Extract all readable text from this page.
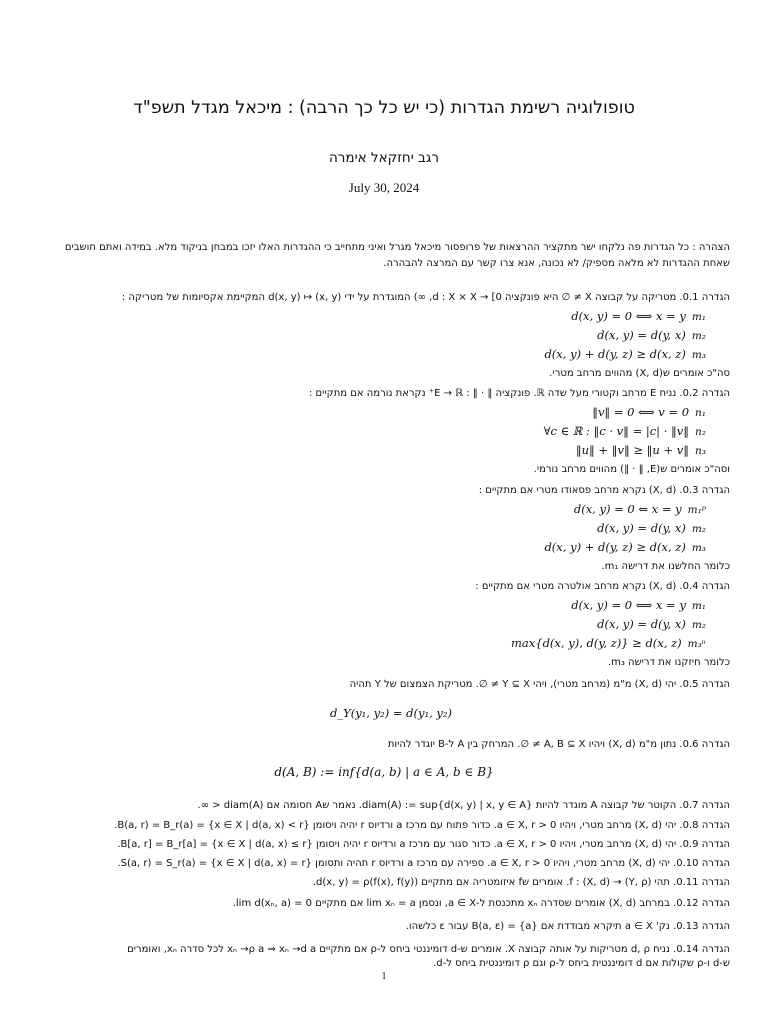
טופולוגיה רשימת הגדרות (כי יש כל כך הרבה) : מיכאל מגדל תשפ"ד
רגב יחזקאל אימרה
July 30, 2024
הצהרה : כל הגדרות פה נלקחו ישר מתקציר ההרצאות של פרופסור מיכאל מגרל ואיני מתחייב כי ההגדרות האלו יזכו במבחן בניקוד מלא. במידה ואתם חושבים שאחת ההגדרות לא מלאה מספיק/ לא נכונה, אנא צרו קשר עם המרצה להבהרה.
הגדרה 0.1. מטריקה על קבוצה X ≠ ∅ היא פונקציה d : X × X → [0, ∞) המוגדרת על ידי (x, y) ↦ d(x, y) המקיימת אקסיומות של מטריקה :
d(x, y) = 0 ⟺ x = y m₁
d(x, y) = d(y, x) m₂
d(x, y) + d(y, z) ≥ d(x, z) m₃
סה"כ אומרים ש(X, d) מהווים מרחב מטרי.
הגדרה 0.2. נניח E מרחב וקטורי מעל שדה ℝ. פונקציה ‖ · ‖ : E → ℝ⁺ נקראת נורמה אם מתקיים :
‖v‖ = 0 ⟺ v = 0 n₁
∀c ∈ ℝ : ‖c · v‖ = |c| · ‖v‖ n₂
‖u‖ + ‖v‖ ≥ ‖u + v‖ n₃
וסה"כ אומרים ש(E, ‖ · ‖) מהווים מרחב נורמי.
הגדרה 0.3. (X, d) נקרא מרחב פסאודו מטרי אם מתקיים :
d(x, y) = 0 ⇐ x = y m₁ᵖ
d(x, y) = d(y, x) m₂
d(x, y) + d(y, z) ≥ d(x, z) m₃
כלומר החלשנו את דרישה m₁.
הגדרה 0.4. (X, d) נקרא מרחב אולטרה מטרי אם מתקיים :
d(x, y) = 0 ⟺ x = y m₁
d(x, y) = d(y, x) m₂
max{d(x, y), d(y, z)} ≥ d(x, z) m₃ᵘ
כלומר חיזקנו את דרישה m₃.
הגדרה 0.5. יהי (X, d) מ"מ (מרחב מטרי), ויהי Y ⊆ X ≠ ∅. מטריקת הצמצום של Y תהיה
d_Y(y₁, y₂) = d(y₁, y₂)
הגדרה 0.6. נתון מ"מ (X, d) ויהיו A, B ⊆ X ≠ ∅. המרחק בין A ל-B יוגדר להיות
d(A, B) := inf{d(a, b) | a ∈ A, b ∈ B}
הגדרה 0.7. הקוטר של קבוצה A מוגדר להיות diam(A) := sup{d(x, y) | x, y ∈ A}. נאמר שA חסומה אם diam(A) < ∞.
הגדרה 0.8. יהי (X, d) מרחב מטרי, ויהיו a ∈ X, r > 0. כדור פתוח עם מרכז a ורדיוס r יהיה ויסומן B(a, r) = B_r(a) = {x ∈ X | d(a, x) < r}.
הגדרה 0.9. יהי (X, d) מרחב מטרי, ויהיו a ∈ X, r > 0. כדור סגור עם מרכז a ורדיוס r יהיה ויסומן B[a, r] = B_r[a] = {x ∈ X | d(a, x) ≤ r}.
הגדרה 0.10. יהי (X, d) מרחב מטרי, ויהיו a ∈ X, r > 0. ספירה עם מרכז a ורדיוס r תהיה ותסומן S(a, r) = S_r(a) = {x ∈ X | d(a, x) = r}.
הגדרה 0.11. תהי f : (X, d) → (Y, ρ). אומרים שf איזומטריה אם מתקיים d(x, y) = ρ(f(x), f(y)).
הגדרה 0.12. במרחב (X, d) אומרים שסדרה xₙ מתכנסת ל-a ∈ X, ונסמן lim xₙ = a אם מתקיים lim d(xₙ, a) = 0.
הגדרה 0.13. נק' a ∈ X תיקרא מבודדת אם B(a, ε) = {a} עבור ε כלשהו.
הגדרה 0.14. נניח d, ρ מטריקות על אותה קבוצה X. אומרים ש-d דומיננטי ביחס ל-ρ אם מתקיים xₙ →ρ a ⇒ xₙ →d a לכל סדרה xₙ, ואומרים
ש-d ו-ρ שקולות אם d דומיננטית ביחס ל-ρ וגם ρ דומיננטית ביחס ל-d.
1
